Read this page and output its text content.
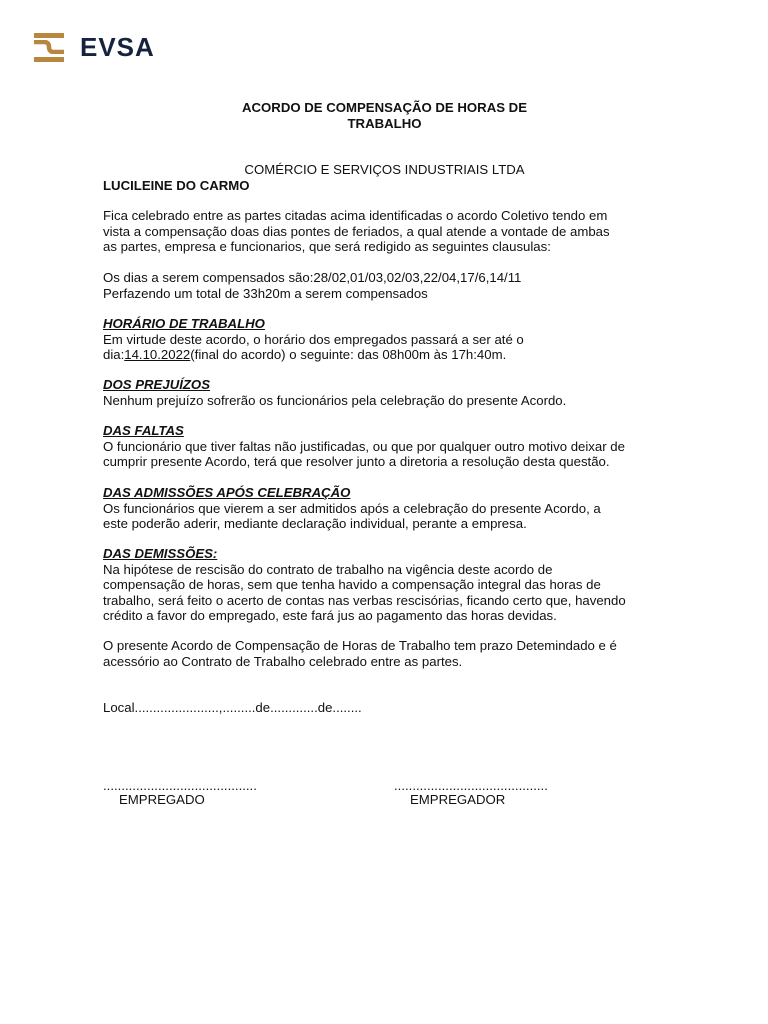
EVSA
ACORDO DE COMPENSAÇÃO DE HORAS DE
TRABALHO
COMÉRCIO E SERVIÇOS INDUSTRIAIS LTDA
LUCILEINE DO CARMO
Fica celebrado entre as partes citadas acima identificadas o acordo Coletivo tendo em
vista a compensação doas dias pontes de feriados, a qual atende a vontade de ambas
as partes, empresa e funcionarios, que será redigido as seguintes clausulas:
Os dias a serem compensados são:28/02,01/03,02/03,22/04,17/6,14/11
Perfazendo um total de 33h20m a serem compensados
HORÁRIO DE TRABALHO
Em virtude deste acordo, o horário dos empregados passará a ser até o
dia:14.10.2022(final do acordo) o seguinte: das 08h00m às 17h:40m.
DOS PREJUÍZOS
Nenhum prejuízo sofrerão os funcionários pela celebração do presente Acordo.
DAS FALTAS
O funcionário que tiver faltas não justificadas, ou que por qualquer outro motivo deixar de
cumprir presente Acordo, terá que resolver junto a diretoria a resolução desta questão.
DAS ADMISSÕES APÓS CELEBRAÇÃO
Os funcionários que vierem a ser admitidos após a celebração do presente Acordo, a
este poderão aderir, mediante declaração individual, perante a empresa.
DAS DEMISSÕES:
Na hipótese de rescisão do contrato de trabalho na vigência deste acordo de
compensação de horas, sem que tenha havido a compensação integral das horas de
trabalho, será feito o acerto de contas nas verbas rescisórias, ficando certo que, havendo
crédito a favor do empregado, este fará jus ao pagamento das horas devidas.
O presente Acordo de Compensação de Horas de Trabalho tem prazo Detemindado e é
acessório ao Contrato de Trabalho celebrado entre as partes.
Local.......................,.........de.............de........
..........................................
EMPREGADO
..........................................
EMPREGADOR
